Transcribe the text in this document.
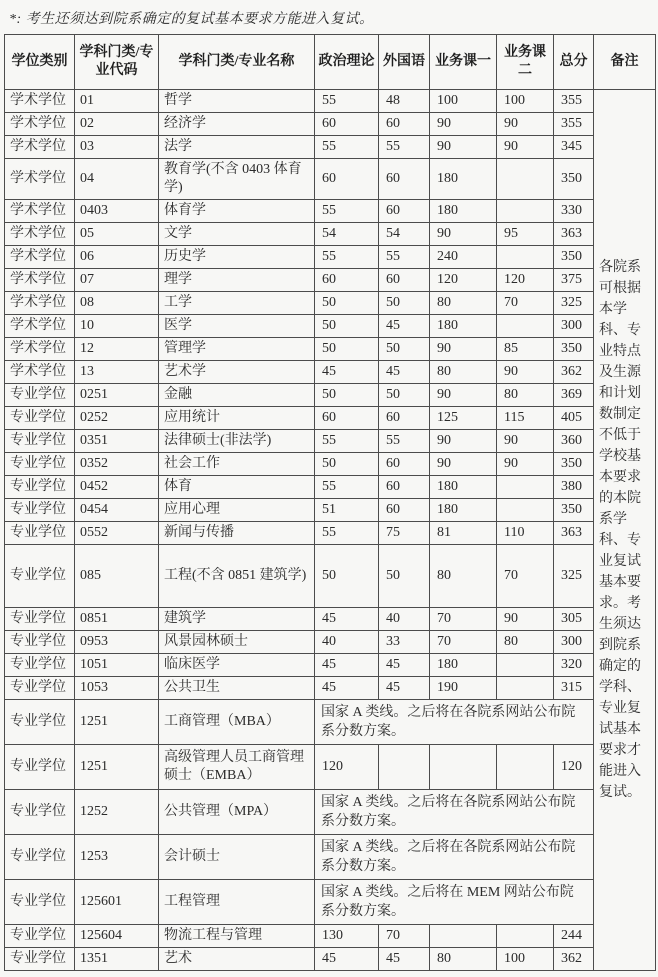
*: 考生还须达到院系确定的复试基本要求方能进入复试。
学位类别	学科门类/专业代码	学科门类/专业名称	政治理论	外国语	业务课一	业务课二	总分	备注
学术学位	01	哲学	55	48	100	100	355	各院系可根据本学科、专业特点及生源和计划数制定不低于学校基本要求的本院系学科、专业复试基本要求。考生须达到院系确定的学科、专业复试基本要求才能进入复试。
学术学位	02	经济学	60	60	90	90	355	
学术学位	03	法学	55	55	90	90	345	
学术学位	04	教育学(不含 0403 体育学)	60	60	180		350	
学术学位	0403	体育学	55	60	180		330	
学术学位	05	文学	54	54	90	95	363	
学术学位	06	历史学	55	55	240		350	
学术学位	07	理学	60	60	120	120	375	
学术学位	08	工学	50	50	80	70	325	
学术学位	10	医学	50	45	180		300	
学术学位	12	管理学	50	50	90	85	350	
学术学位	13	艺术学	45	45	80	90	362	
专业学位	0251	金融	50	50	90	80	369	
专业学位	0252	应用统计	60	60	125	115	405	
专业学位	0351	法律硕士(非法学)	55	55	90	90	360	
专业学位	0352	社会工作	50	60	90	90	350	
专业学位	0452	体育	55	60	180		380	
专业学位	0454	应用心理	51	60	180		350	
专业学位	0552	新闻与传播	55	75	81	110	363	
专业学位	085	工程(不含 0851 建筑学)	50	50	80	70	325	
专业学位	0851	建筑学	45	40	70	90	305	
专业学位	0953	风景园林硕士	40	33	70	80	300	
专业学位	1051	临床医学	45	45	180		320	
专业学位	1053	公共卫生	45	45	190		315	
专业学位	1251	工商管理（MBA）	国家 A 类线。之后将在各院系网站公布院系分数方案。					
专业学位	1251	高级管理人员工商管理硕士（EMBA）	120				120	
专业学位	1252	公共管理（MPA）	国家 A 类线。之后将在各院系网站公布院系分数方案。					
专业学位	1253	会计硕士	国家 A 类线。之后将在各院系网站公布院系分数方案。					
专业学位	125601	工程管理	国家 A 类线。之后将在 MEM 网站公布院系分数方案。					
专业学位	125604	物流工程与管理	130	70			244	
专业学位	1351	艺术	45	45	80	100	362	
